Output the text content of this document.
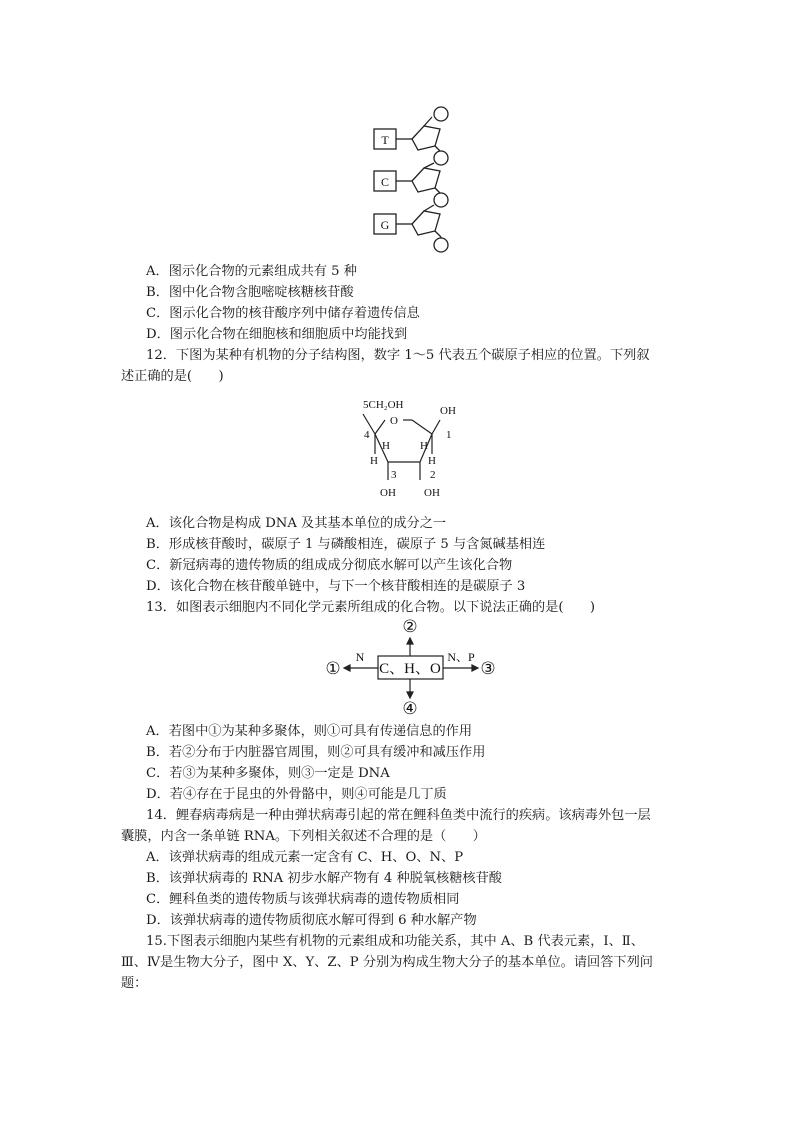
T
C
G
A．图示化合物的元素组成共有 5 种
B．图中化合物含胞嘧啶核糖核苷酸
C．图示化合物的核苷酸序列中储存着遗传信息
D．图示化合物在细胞核和细胞质中均能找到
12．下图为某种有机物的分子结构图，数字 1～5 代表五个碳原子相应的位置。下列叙
述正确的是(　　)
5CH₂OH
O
OH
4	1
H	H
H	H
3	2
OH	OH
A．该化合物是构成 DNA 及其基本单位的成分之一
B．形成核苷酸时，碳原子 1 与磷酸相连，碳原子 5 与含氮碱基相连
C．新冠病毒的遗传物质的组成成分彻底水解可以产生该化合物
D．该化合物在核苷酸单链中，与下一个核苷酸相连的是碳原子 3
13．如图表示细胞内不同化学元素所组成的化合物。以下说法正确的是(　　)
C、H、O
①
N
②
N、P
③
④
A．若图中①为某种多聚体，则①可具有传递信息的作用
B．若②分布于内脏器官周围，则②可具有缓冲和减压作用
C．若③为某种多聚体，则③一定是 DNA
D．若④存在于昆虫的外骨骼中，则④可能是几丁质
14．鲤春病毒病是一种由弹状病毒引起的常在鲤科鱼类中流行的疾病。该病毒外包一层
囊膜，内含一条单链 RNA。下列相关叙述不合理的是（　　）
A．该弹状病毒的组成元素一定含有 C、H、O、N、P
B．该弹状病毒的 RNA 初步水解产物有 4 种脱氧核糖核苷酸
C．鲤科鱼类的遗传物质与该弹状病毒的遗传物质相同
D．该弹状病毒的遗传物质彻底水解可得到 6 种水解产物
15.下图表示细胞内某些有机物的元素组成和功能关系，其中 A、B 代表元素，Ⅰ、Ⅱ、
Ⅲ、Ⅳ是生物大分子，图中 X、Y、Z、P 分别为构成生物大分子的基本单位。请回答下列问
题：
